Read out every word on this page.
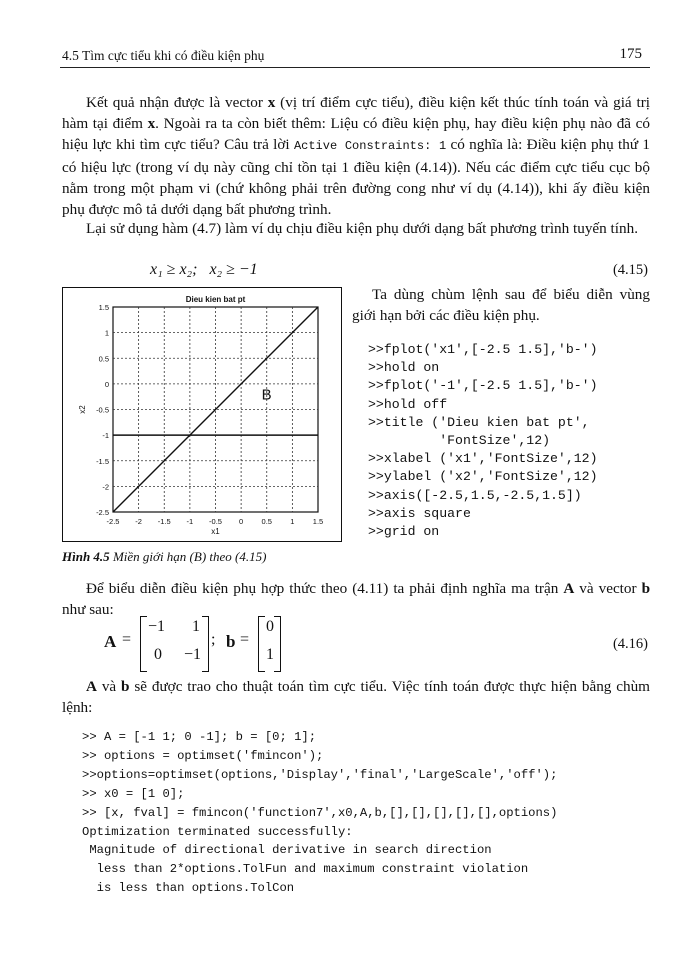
4.5 Tìm cực tiểu khi có điều kiện phụ	175
Kết quả nhận được là vector x (vị trí điểm cực tiểu), điều kiện kết thúc tính toán và giá trị hàm tại điểm x. Ngoài ra ta còn biết thêm: Liệu có điều kiện phụ, hay điều kiện phụ nào đã có hiệu lực khi tìm cực tiểu? Câu trả lời Active Constraints: 1 có nghĩa là: Điều kiện phụ thứ 1 có hiệu lực (trong ví dụ này cũng chỉ tồn tại 1 điều kiện (4.14)). Nếu các điểm cực tiểu cục bộ nằm trong một phạm vi (chứ không phải trên đường cong như ví dụ (4.14)), khi ấy điều kiện phụ được mô tả dưới dạng bất phương trình.
Lại sử dụng hàm (4.7) làm ví dụ chịu điều kiện phụ dưới dạng bất phương trình tuyến tính.
x₁ ≥ x₂;   x₂ ≥ −1	(4.15)
-2.5 -2 -1.5 -1 -0.5 0 0.5 1 1.5
-2.5
-2
-1.5
-1
-0.5
0
0.5
1
1.5
Dieu kien bat pt
x1
x2
B
Hình 4.5 Miền giới hạn (B) theo (4.15)
Ta dùng chùm lệnh sau để biểu diễn vùng giới hạn bởi các điều kiện phụ.
>>fplot('x1',[-2.5 1.5],'b-')
>>hold on
>>fplot('-1',[-2.5 1.5],'b-')
>>hold off
>>title ('Dieu kien bat pt',
'FontSize',12)
>>xlabel ('x1','FontSize',12)
>>ylabel ('x2','FontSize',12)
>>axis([-2.5,1.5,-2.5,1.5])
>>axis square
>>grid on
Để biểu diễn điều kiện phụ hợp thức theo (4.11) ta phải định nghĩa ma trận A và vector b như sau:
A =
−1 1
0 −1
; b =
0
1
(4.16)
A và b sẽ được trao cho thuật toán tìm cực tiểu. Việc tính toán được thực hiện bằng chùm lệnh:
>> A = [-1 1; 0 -1]; b = [0; 1];
>> options = optimset('fmincon');
>>options=optimset(options,'Display','final','LargeScale','off');
>> x0 = [1 0];
>> [x, fval] = fmincon('function7',x0,A,b,[],[],[],[],[],options)
Optimization terminated successfully:
Magnitude of directional derivative in search direction
less than 2*options.TolFun and maximum constraint violation
is less than options.TolCon
